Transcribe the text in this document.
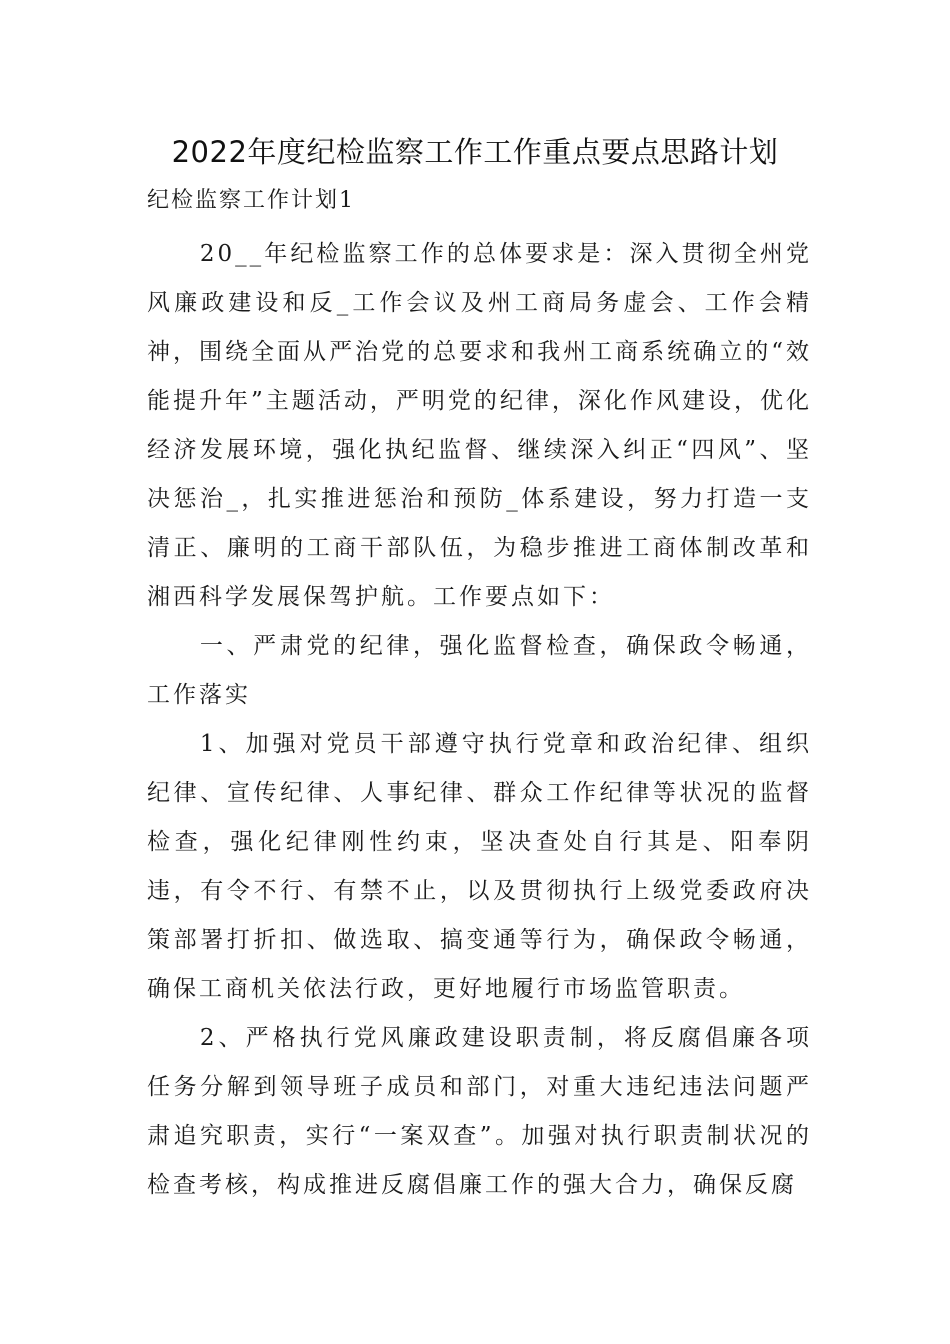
2022年度纪检监察工作工作重点要点思路计划
纪检监察工作计划1

20__年纪检监察工作的总体要求是：深入贯彻全州党风廉政建设和反_工作会议及州工商局务虚会、工作会精神，围绕全面从严治党的总要求和我州工商系统确立的“效能提升年”主题活动，严明党的纪律，深化作风建设，优化经济发展环境，强化执纪监督、继续深入纠正“四风”、坚决惩治_，扎实推进惩治和预防_体系建设，努力打造一支清正、廉明的工商干部队伍，为稳步推进工商体制改革和湘西科学发展保驾护航。工作要点如下：

一、严肃党的纪律，强化监督检查，确保政令畅通，工作落实

1、加强对党员干部遵守执行党章和政治纪律、组织纪律、宣传纪律、人事纪律、群众工作纪律等状况的监督检查，强化纪律刚性约束，坚决查处自行其是、阳奉阴违，有令不行、有禁不止，以及贯彻执行上级党委政府决策部署打折扣、做选取、搞变通等行为，确保政令畅通，确保工商机关依法行政，更好地履行市场监管职责。

2、严格执行党风廉政建设职责制，将反腐倡廉各项任务分解到领导班子成员和部门，对重大违纪违法问题严肃追究职责，实行“一案双查”。加强对执行职责制状况的检查考核，构成推进反腐倡廉工作的强大合力，确保反腐
